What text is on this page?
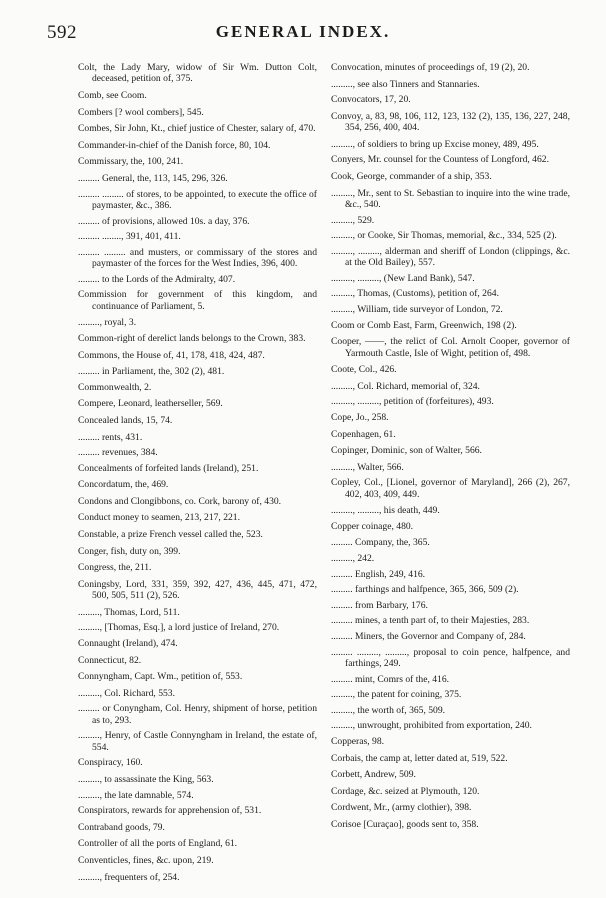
592	GENERAL INDEX.
Colt, the Lady Mary, widow of Sir Wm. Dutton Colt, deceased, petition of, 375.
Comb, see Coom.
Combers [? wool combers], 545.
Combes, Sir John, Kt., chief justice of Chester, salary of, 470.
Commander-in-chief of the Danish force, 80, 104.
Commissary, the, 100, 241.
......... General, the, 113, 145, 296, 326.
......... ......... of stores, to be appointed, to execute the office of paymaster, &c., 386.
......... of provisions, allowed 10s. a day, 376.
......... ........, 391, 401, 411.
......... ......... and musters, or commissary of the stores and paymaster of the forces for the West Indies, 396, 400.
......... to the Lords of the Admiralty, 407.
Commission for government of this kingdom, and continuance of Parliament, 5.
........., royal, 3.
Common-right of derelict lands belongs to the Crown, 383.
Commons, the House of, 41, 178, 418, 424, 487.
......... in Parliament, the, 302 (2), 481.
Commonwealth, 2.
Compere, Leonard, leatherseller, 569.
Concealed lands, 15, 74.
......... rents, 431.
......... revenues, 384.
Concealments of forfeited lands (Ireland), 251.
Concordatum, the, 469.
Condons and Clongibbons, co. Cork, barony of, 430.
Conduct money to seamen, 213, 217, 221.
Constable, a prize French vessel called the, 523.
Conger, fish, duty on, 399.
Congress, the, 211.
Coningsby, Lord, 331, 359, 392, 427, 436, 445, 471, 472, 500, 505, 511 (2), 526.
........., Thomas, Lord, 511.
........., [Thomas, Esq.], a lord justice of Ireland, 270.
Connaught (Ireland), 474.
Connecticut, 82.
Connyngham, Capt. Wm., petition of, 553.
........., Col. Richard, 553.
......... or Conyngham, Col. Henry, shipment of horse, petition as to, 293.
........., Henry, of Castle Connyngham in Ireland, the estate of, 554.
Conspiracy, 160.
........., to assassinate the King, 563.
........., the late damnable, 574.
Conspirators, rewards for apprehension of, 531.
Contraband goods, 79.
Controller of all the ports of England, 61.
Conventicles, fines, &c. upon, 219.
........., frequenters of, 254.
Convocation, minutes of proceedings of, 19 (2), 20.
........., see also Tinners and Stannaries.
Convocators, 17, 20.
Convoy, a, 83, 98, 106, 112, 123, 132 (2), 135, 136, 227, 248, 354, 256, 400, 404.
........., of soldiers to bring up Excise money, 489, 495.
Conyers, Mr. counsel for the Countess of Longford, 462.
Cook, George, commander of a ship, 353.
........., Mr., sent to St. Sebastian to inquire into the wine trade, &c., 540.
........., 529.
........., or Cooke, Sir Thomas, memorial, &c., 334, 525 (2).
........., ........., alderman and sheriff of London (clippings, &c. at the Old Bailey), 557.
........., ........., (New Land Bank), 547.
........., Thomas, (Customs), petition of, 264.
........., William, tide surveyor of London, 72.
Coom or Comb East, Farm, Greenwich, 198 (2).
Cooper, ——, the relict of Col. Arnolt Cooper, governor of Yarmouth Castle, Isle of Wight, petition of, 498.
Coote, Col., 426.
........., Col. Richard, memorial of, 324.
........., ........., petition of (forfeitures), 493.
Cope, Jo., 258.
Copenhagen, 61.
Copinger, Dominic, son of Walter, 566.
........., Walter, 566.
Copley, Col., [Lionel, governor of Maryland], 266 (2), 267, 402, 403, 409, 449.
........., ........., his death, 449.
Copper coinage, 480.
......... Company, the, 365.
........., 242.
......... English, 249, 416.
......... farthings and halfpence, 365, 366, 509 (2).
......... from Barbary, 176.
......... mines, a tenth part of, to their Majesties, 283.
......... Miners, the Governor and Company of, 284.
......... ........., ........., proposal to coin pence, halfpence, and farthings, 249.
......... mint, Comrs of the, 416.
........., the patent for coining, 375.
........., the worth of, 365, 509.
........., unwrought, prohibited from exportation, 240.
Copperas, 98.
Corbais, the camp at, letter dated at, 519, 522.
Corbett, Andrew, 509.
Cordage, &c. seized at Plymouth, 120.
Cordwent, Mr., (army clothier), 398.
Corisoe [Curaçao], goods sent to, 358.
